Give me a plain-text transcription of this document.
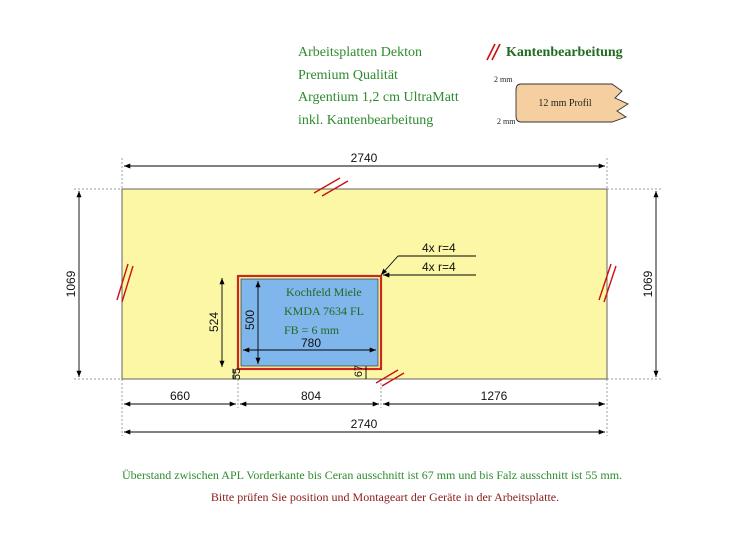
Arbeitsplatten Dekton
Premium Qualität
Argentium 1,2 cm UltraMatt
inkl. Kantenbearbeitung
Kantenbearbeitung
2 mm
2 mm
12 mm Profil
Kochfeld Miele
KMDA 7634 FL
FB = 6 mm
2740
1069	1069
524 500
780
4x r=4
4x r=4
55	67
660	804	1276
2740
Überstand zwischen APL Vorderkante bis Ceran ausschnitt ist 67 mm und bis Falz ausschnitt ist 55 mm.
Bitte prüfen Sie position und Montageart der Geräte in der Arbeitsplatte.
